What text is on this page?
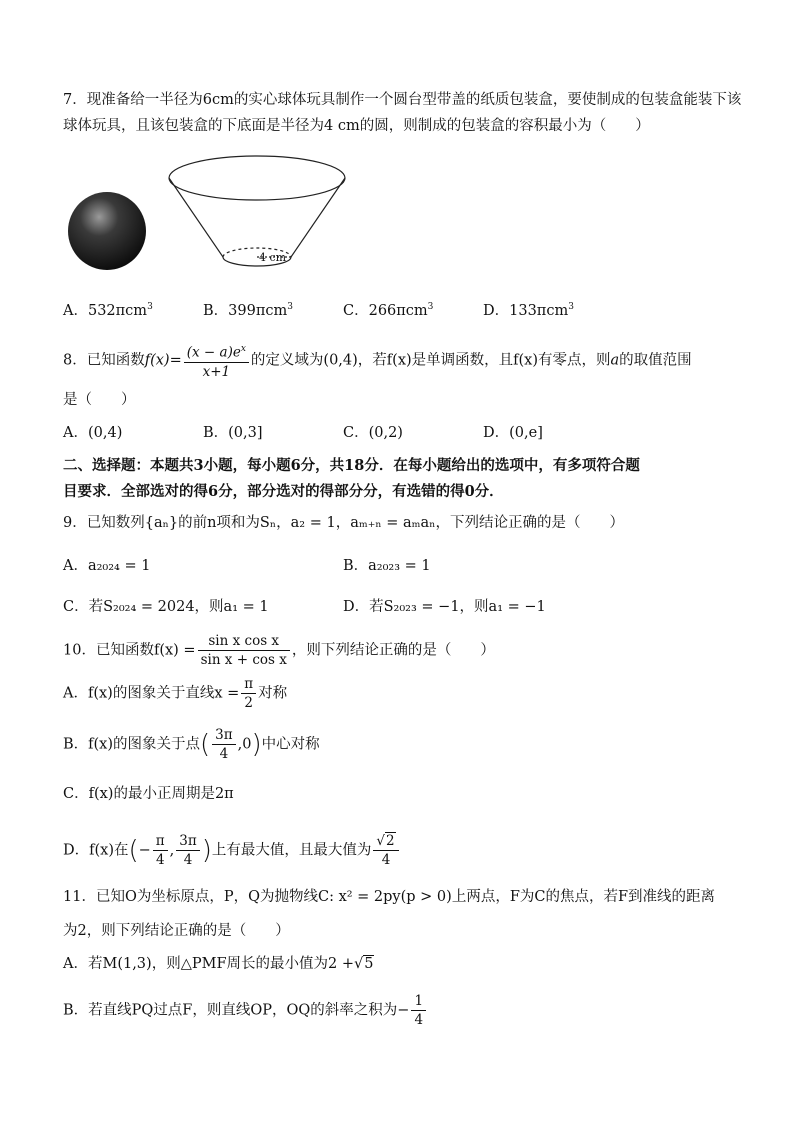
7．现准备给一半径为6cm的实心球体玩具制作一个圆台型带盖的纸质包装盒，要使制成的包装盒能装下该
球体玩具，且该包装盒的下底面是半径为4 cm的圆，则制成的包装盒的容积最小为（　　）
4 cm
A．532πcm$^3$	B．399πcm$^3$	C．266πcm$^3$	D．133πcm$^3$
8．已知函数$f(x)= \frac{(x - a)e^x}{x+1}$ 的定义域为(0,4)，若f(x)是单调函数，且f(x)有零点，则a的取值范围
是（　　）
A．(0,4)	B．(0,3]	C．(0,2)	D．(0,e]
二、选择题：本题共3小题，每小题6分，共18分．在每小题给出的选项中，有多项符合题
目要求．全部选对的得6分，部分选对的得部分分，有选错的得0分．
9．已知数列{aₙ}的前n项和为Sₙ，a₂ = 1，aₘ₊ₙ = aₘaₙ，下列结论正确的是（　　）
A．a₂₀₂₄ = 1	B．a₂₀₂₃ = 1
C．若S₂₀₂₄ = 2024，则a₁ = 1	D．若S₂₀₂₃ = −1，则a₁ = −1
10．已知函数$f(x) = \frac{\text{sin x cos x}}{\text{sin x + cos x}}$ ，则下列结论正确的是（　　）
A．f(x)的图象关于直线$x = \frac{\pi}{2}$ 对称
B．f(x)的图象关于点( $\frac{3\pi}{4} ,0$)中心对称
C．f(x)的最小正周期是2π
D．f(x)在(− $\frac{\pi}{4}$ , $\frac{3\pi}{4}$ )上有最大值，且最大值为 $\frac{√2}{4}$
11．已知O为坐标原点，P，Q为抛物线C: x² = 2py(p > 0)上两点，F为C的焦点，若F到准线的距离
为2，则下列结论正确的是（　　）
A．若M(1,3)，则△PMF周长的最小值为2 +√5
B．若直线PQ过点F，则直线OP，OQ的斜率之积为− $\frac{1}{4}$
